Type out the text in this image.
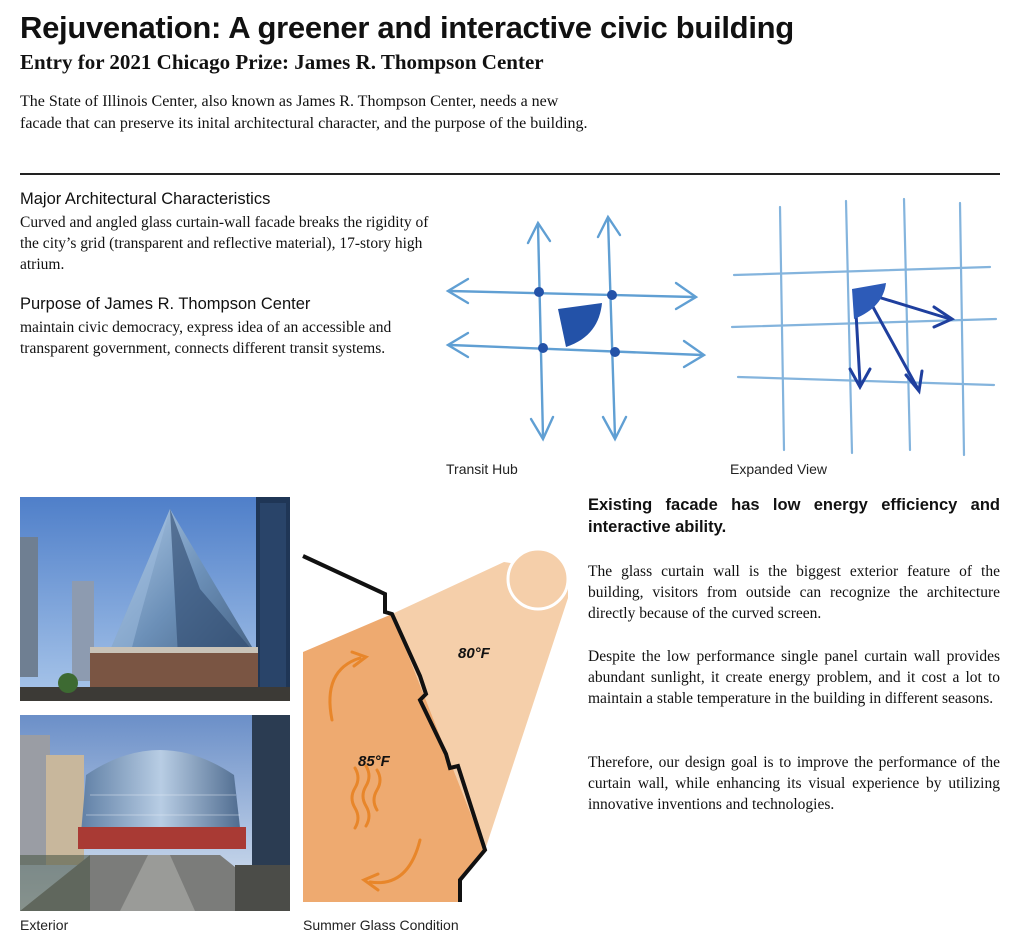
Rejuvenation: A greener and interactive civic building
Entry for 2021 Chicago Prize: James R. Thompson Center
The State of Illinois Center, also known as James R. Thompson Center, needs a new facade that can preserve its inital architectural character, and the purpose of the building.
Major Architectural Characteristics
Curved and angled glass curtain-wall facade breaks the rigidity of the city’s grid (transparent and reflective material), 17-story high atrium.
Purpose of James R. Thompson Center
maintain civic democracy, express idea of an accessible and transparent government, connects different transit systems.
Transit Hub	Expanded View
Exterior
80°F
85°F
Summer Glass Condition
Existing facade has low energy efficiency and interactive ability.
The glass curtain wall is the biggest exterior feature of the building, visitors from outside can recognize the architecture directly because of the curved screen.
Despite the low performance single panel curtain wall provides abundant sunlight, it create energy problem, and it cost a lot to maintain a stable temperature in the building in different seasons.
Therefore, our design goal is to improve the performance of the curtain wall, while enhancing its visual experience by utilizing innovative inventions and technologies.
